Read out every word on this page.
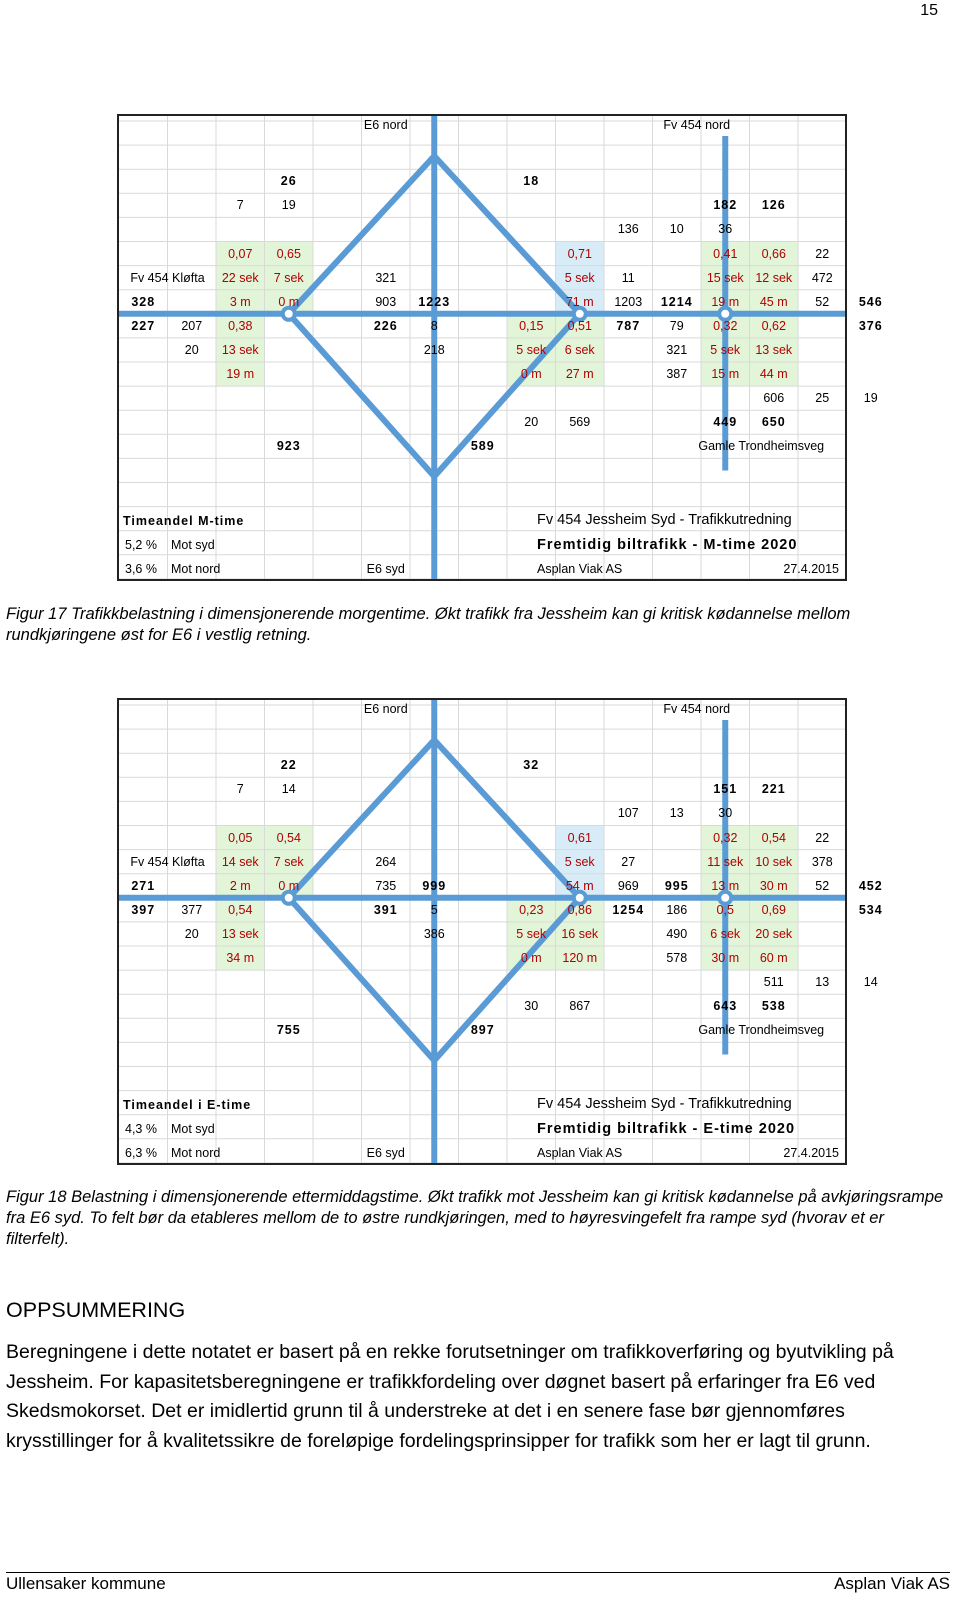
15
E6 nord	Fv 454 nord
26	18
7	19	182 126
136 10	36
0,07 0,65	0,71	0,41 0,66 22
Fv 454 Kløfta 22 sek 7 sek	321	5 sek 11	15 sek 12 sek 472
328	3 m 0 m	903 1223	71 m 1203 1214 19 m 45 m 52 546
227 207 0,38	226	8	0,15 0,51 787 79 0,32 0,62	376
20 13 sek	218	5 sek 6 sek	321 5 sek 13 sek
19 m	0 m 27 m	387 15 m 44 m
606 25	19
20 569	449 650
923	589	Gamle Trondheimsveg
Timeandel M-time
5,2 % Mot syd
3,6 % Mot nord	E6 syd
Fv 454 Jessheim Syd - Trafikkutredning
Fremtidig biltrafikk - M-time 2020
Asplan Viak AS	27.4.2015
Figur 17 Trafikkbelastning i dimensjonerende morgentime. Økt trafikk fra Jessheim kan gi kritisk kødannelse mellom rundkjøringene øst for E6 i vestlig retning.
E6 nord	Fv 454 nord
22	32
7	14	151 221
107 13	30
0,05 0,54	0,61	0,32 0,54 22
Fv 454 Kløfta 14 sek 7 sek	264	5 sek 27	11 sek 10 sek 378
271	2 m 0 m	735 999	54 m 969 995 13 m 30 m 52 452
397 377 0,54	391	5	0,23 0,86 1254 186 0,5 0,69	534
20 13 sek	386	5 sek 16 sek	490 6 sek 20 sek
34 m	0 m 120 m	578 30 m 60 m
511	13	14
30 867	643 538
755	897	Gamle Trondheimsveg
Timeandel i E-time
4,3 % Mot syd
6,3 % Mot nord	E6 syd
Fv 454 Jessheim Syd - Trafikkutredning
Fremtidig biltrafikk - E-time 2020
Asplan Viak AS	27.4.2015
Figur 18 Belastning i dimensjonerende ettermiddagstime. Økt trafikk mot Jessheim kan gi kritisk kødannelse på avkjøringsrampe fra E6 syd. To felt bør da etableres mellom de to østre rundkjøringen, med to høyresvingefelt fra rampe syd (hvorav et er filterfelt).
OPPSUMMERING
Beregningene i dette notatet er basert på en rekke forutsetninger om trafikkoverføring og byutvikling på Jessheim. For kapasitetsberegningene er trafikkfordeling over døgnet basert på erfaringer fra E6 ved Skedsmokorset. Det er imidlertid grunn til å understreke at det i en senere fase bør gjennomføres krysstillinger for å kvalitetssikre de foreløpige fordelingsprinsipper for trafikk som her er lagt til grunn.
Ullensaker kommune	Asplan Viak AS
